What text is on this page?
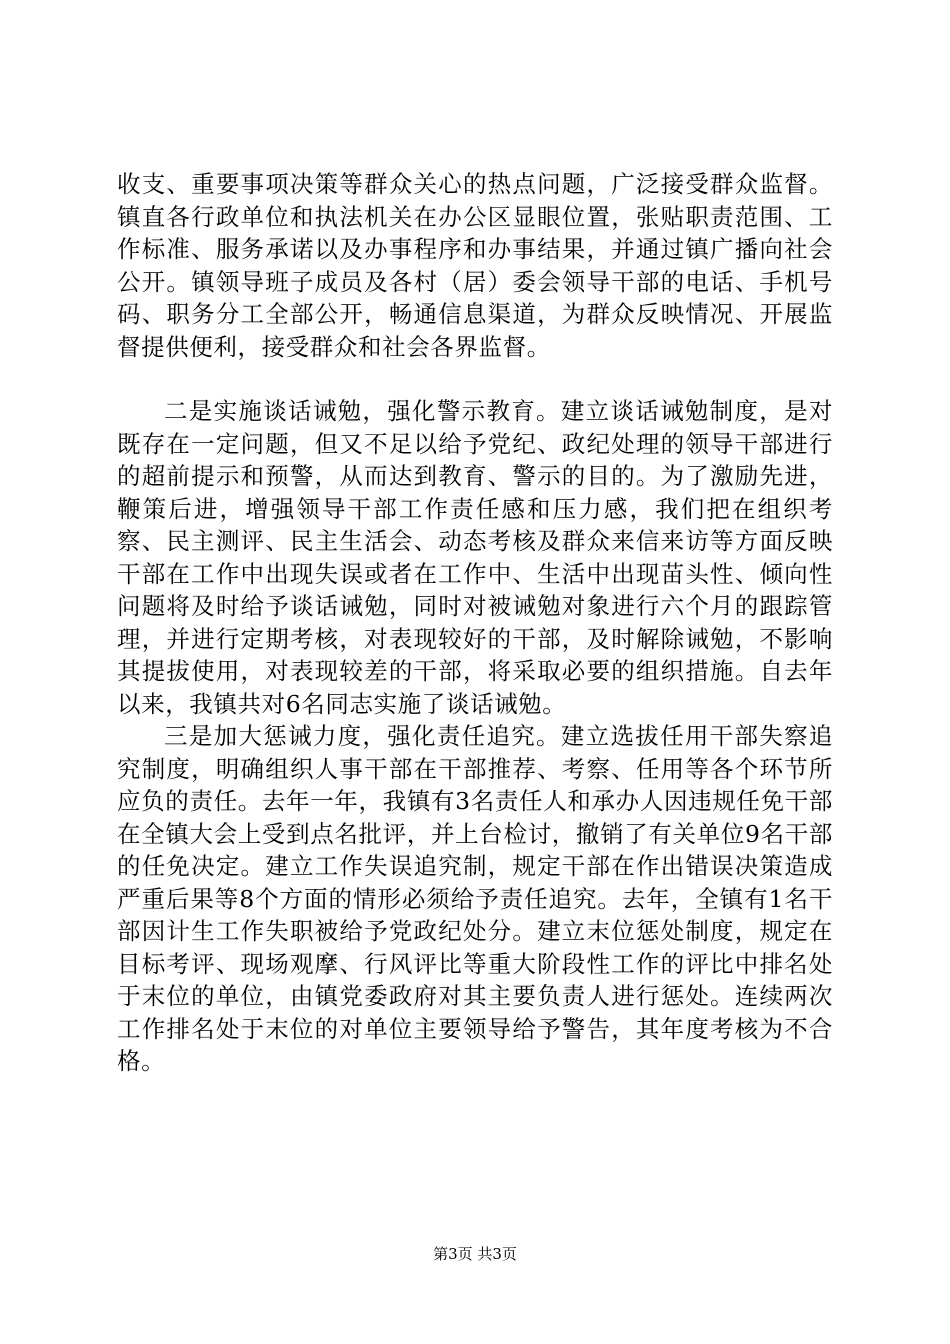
收支、重要事项决策等群众关心的热点问题，广泛接受群众监督。镇直各行政单位和执法机关在办公区显眼位置，张贴职责范围、工作标准、服务承诺以及办事程序和办事结果，并通过镇广播向社会公开。镇领导班子成员及各村（居）委会领导干部的电话、手机号码、职务分工全部公开，畅通信息渠道，为群众反映情况、开展监督提供便利，接受群众和社会各界监督。

二是实施谈话诫勉，强化警示教育。建立谈话诫勉制度，是对既存在一定问题，但又不足以给予党纪、政纪处理的领导干部进行的超前提示和预警，从而达到教育、警示的目的。为了激励先进，鞭策后进，增强领导干部工作责任感和压力感，我们把在组织考察、民主测评、民主生活会、动态考核及群众来信来访等方面反映干部在工作中出现失误或者在工作中、生活中出现苗头性、倾向性问题将及时给予谈话诫勉，同时对被诫勉对象进行六个月的跟踪管理，并进行定期考核，对表现较好的干部，及时解除诫勉，不影响其提拔使用，对表现较差的干部，将采取必要的组织措施。自去年以来，我镇共对6名同志实施了谈话诫勉。

三是加大惩诫力度，强化责任追究。建立选拔任用干部失察追究制度，明确组织人事干部在干部推荐、考察、任用等各个环节所应负的责任。去年一年，我镇有3名责任人和承办人因违规任免干部在全镇大会上受到点名批评，并上台检讨，撤销了有关单位9名干部的任免决定。建立工作失误追究制，规定干部在作出错误决策造成严重后果等8个方面的情形必须给予责任追究。去年，全镇有1名干部因计生工作失职被给予党政纪处分。建立末位惩处制度，规定在目标考评、现场观摩、行风评比等重大阶段性工作的评比中排名处于末位的单位，由镇党委政府对其主要负责人进行惩处。连续两次工作排名处于末位的对单位主要领导给予警告，其年度考核为不合格。

第3页 共3页
